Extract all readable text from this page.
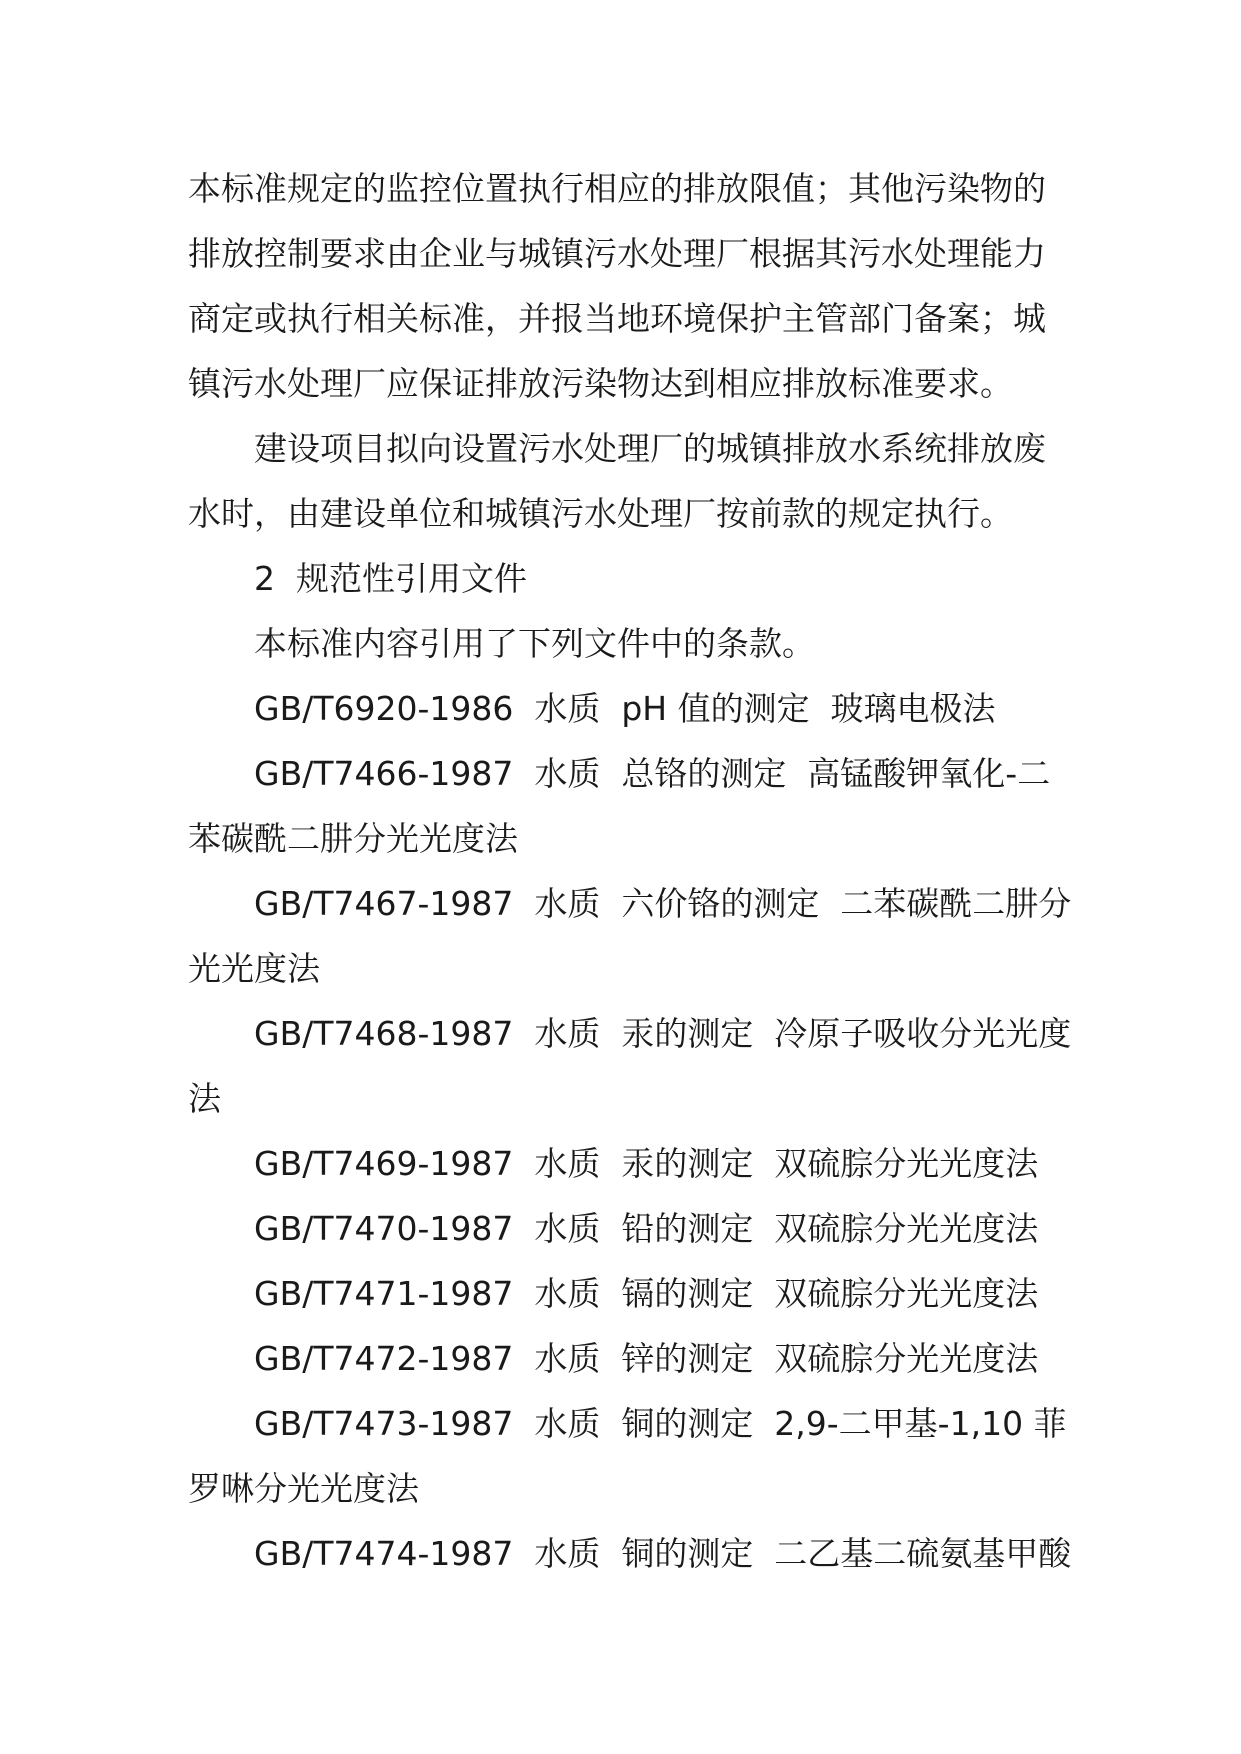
本标准规定的监控位置执行相应的排放限值；其他污染物的排放控制要求由企业与城镇污水处理厂根据其污水处理能力商定或执行相关标准，并报当地环境保护主管部门备案；城镇污水处理厂应保证排放污染物达到相应排放标准要求。

建设项目拟向设置污水处理厂的城镇排放水系统排放废水时，由建设单位和城镇污水处理厂按前款的规定执行。

2  规范性引用文件

本标准内容引用了下列文件中的条款。

GB/T6920-1986  水质  pH 值的测定  玻璃电极法

GB/T7466-1987  水质  总铬的测定  高锰酸钾氧化-二苯碳酰二肼分光光度法

GB/T7467-1987  水质  六价铬的测定  二苯碳酰二肼分光光度法

GB/T7468-1987  水质  汞的测定  冷原子吸收分光光度法

GB/T7469-1987  水质  汞的测定  双硫腙分光光度法

GB/T7470-1987  水质  铅的测定  双硫腙分光光度法

GB/T7471-1987  水质  镉的测定  双硫腙分光光度法

GB/T7472-1987  水质  锌的测定  双硫腙分光光度法

GB/T7473-1987  水质  铜的测定  2,9-二甲基-1,10 菲罗啉分光光度法

GB/T7474-1987  水质  铜的测定  二乙基二硫氨基甲酸
